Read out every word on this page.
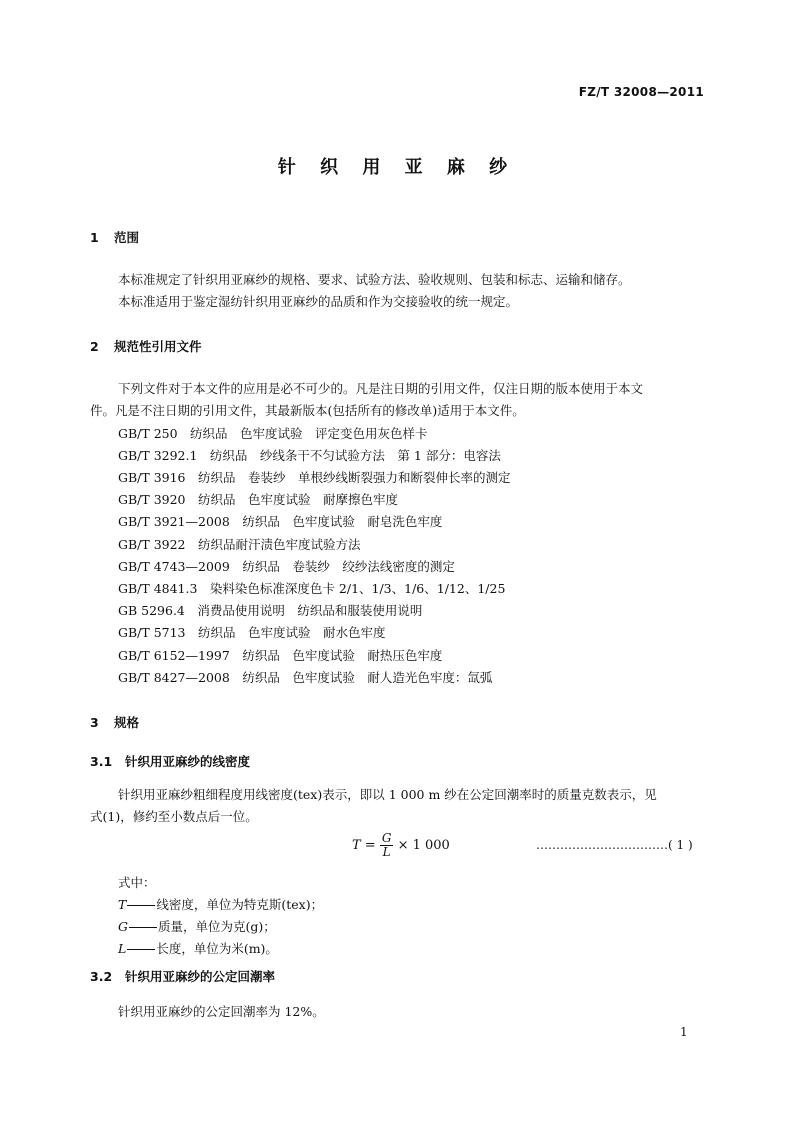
FZ/T 32008—2011
针 织 用 亚 麻 纱
1 范围
本标准规定了针织用亚麻纱的规格、要求、试验方法、验收规则、包装和标志、运输和储存。
本标准适用于鉴定湿纺针织用亚麻纱的品质和作为交接验收的统一规定。
2 规范性引用文件
下列文件对于本文件的应用是必不可少的。凡是注日期的引用文件，仅注日期的版本使用于本文
件。凡是不注日期的引用文件，其最新版本(包括所有的修改单)适用于本文件。
GB/T 250　纺织品　色牢度试验　评定变色用灰色样卡
GB/T 3292.1　纺织品　纱线条干不匀试验方法　第 1 部分：电容法
GB/T 3916　纺织品　卷装纱　单根纱线断裂强力和断裂伸长率的测定
GB/T 3920　纺织品　色牢度试验　耐摩擦色牢度
GB/T 3921—2008　纺织品　色牢度试验　耐皂洗色牢度
GB/T 3922　纺织品耐汗渍色牢度试验方法
GB/T 4743—2009　纺织品　卷装纱　绞纱法线密度的测定
GB/T 4841.3　染料染色标准深度色卡 2/1、1/3、1/6、1/12、1/25
GB 5296.4　消费品使用说明　纺织品和服装使用说明
GB/T 5713　纺织品　色牢度试验　耐水色牢度
GB/T 6152—1997　纺织品　色牢度试验　耐热压色牢度
GB/T 8427—2008　纺织品　色牢度试验　耐人造光色牢度：氙弧
3 规格
3.1 针织用亚麻纱的线密度
针织用亚麻纱粗细程度用线密度(tex)表示，即以 1 000 m 纱在公定回潮率时的质量克数表示，见
式(1)，修约至小数点后一位。
$T = \frac{G}{L} \times 1$ 000	……………………………( 1 )
式中：
T 线密度，单位为特克斯(tex)；
G 质量，单位为克(g)；
L 长度，单位为米(m)。
3.2 针织用亚麻纱的公定回潮率
针织用亚麻纱的公定回潮率为 12%。
1
